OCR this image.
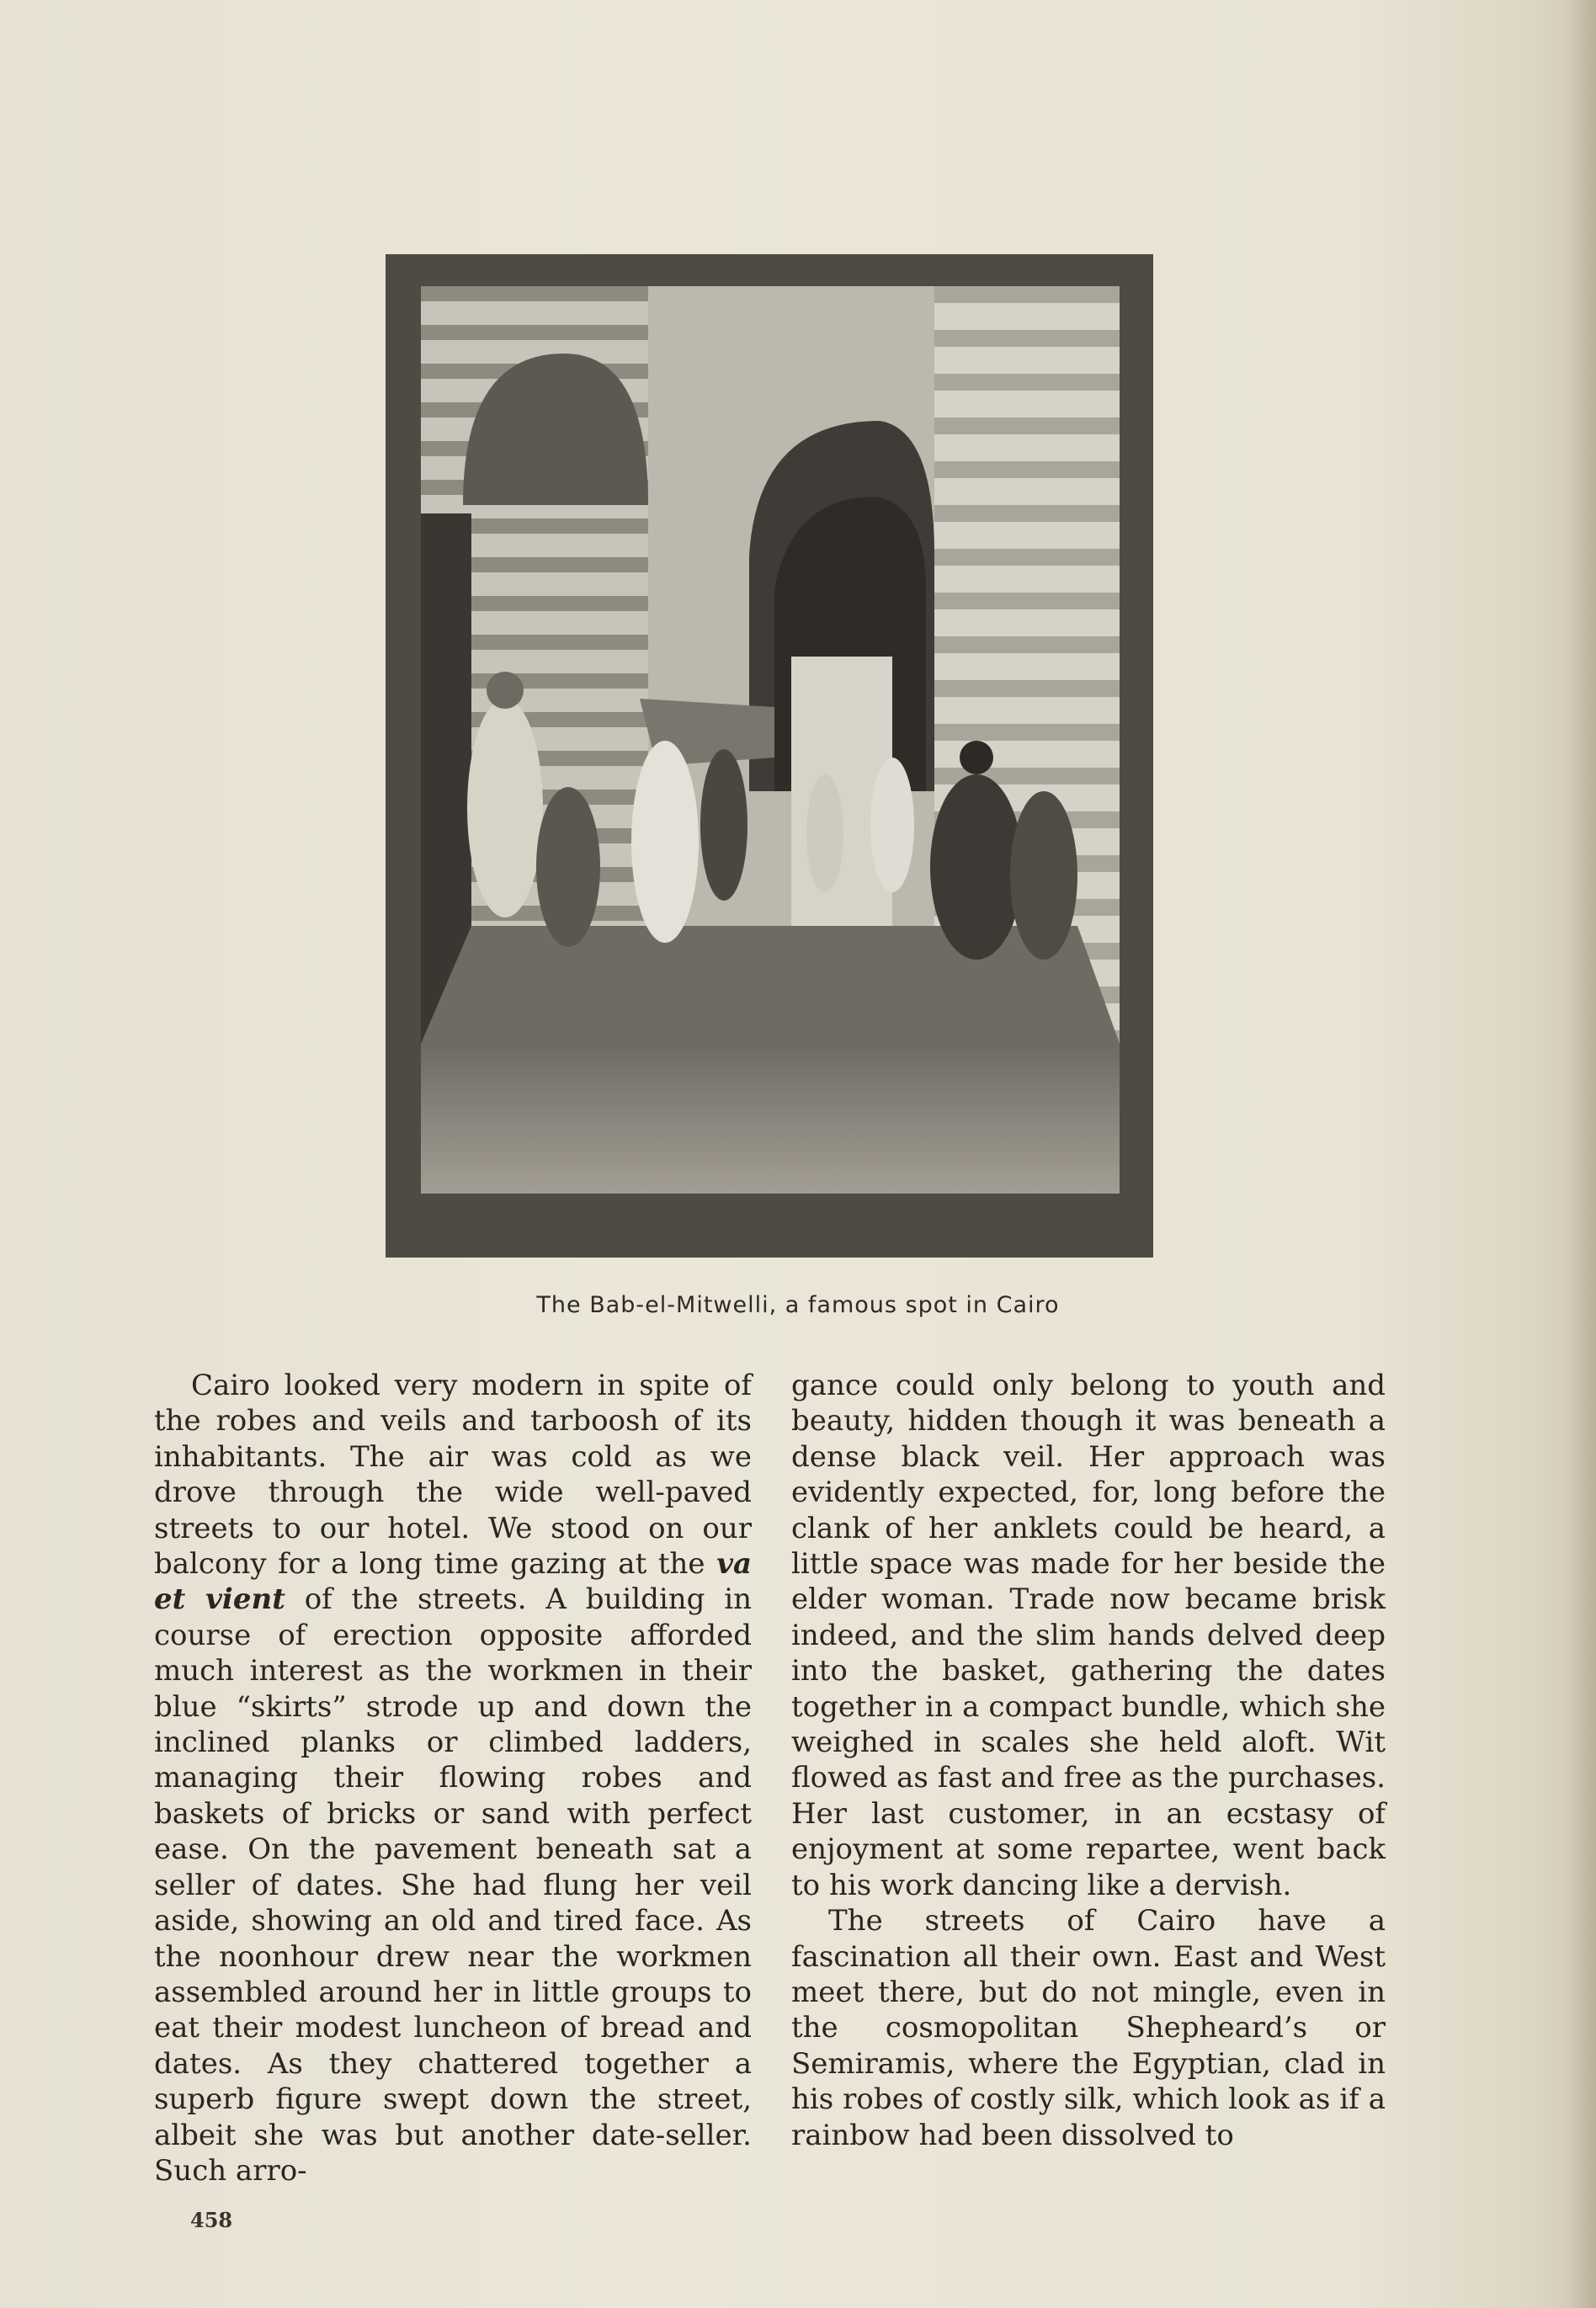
The Bab-el-Mitwelli, a famous spot in Cairo

Cairo looked very modern in spite of the robes and veils and tarboosh of its inhabitants. The air was cold as we drove through the wide well-paved streets to our hotel. We stood on our balcony for a long time gazing at the va et vient of the streets. A building in course of erection opposite afforded much interest as the workmen in their blue “skirts” strode up and down the inclined planks or climbed ladders, managing their flowing robes and baskets of bricks or sand with perfect ease. On the pavement beneath sat a seller of dates. She had flung her veil aside, showing an old and tired face. As the noonhour drew near the workmen assembled around her in little groups to eat their modest luncheon of bread and dates. As they chattered together a superb figure swept down the street, albeit she was but another date-seller. Such arro-

gance could only belong to youth and beauty, hidden though it was beneath a dense black veil. Her approach was evidently expected, for, long before the clank of her anklets could be heard, a little space was made for her beside the elder woman. Trade now became brisk indeed, and the slim hands delved deep into the basket, gathering the dates together in a compact bundle, which she weighed in scales she held aloft. Wit flowed as fast and free as the purchases. Her last customer, in an ecstasy of enjoyment at some repartee, went back to his work dancing like a dervish.

The streets of Cairo have a fascination all their own. East and West meet there, but do not mingle, even in the cosmopolitan Shepheard’s or Semiramis, where the Egyptian, clad in his robes of costly silk, which look as if a rainbow had been dissolved to

458
